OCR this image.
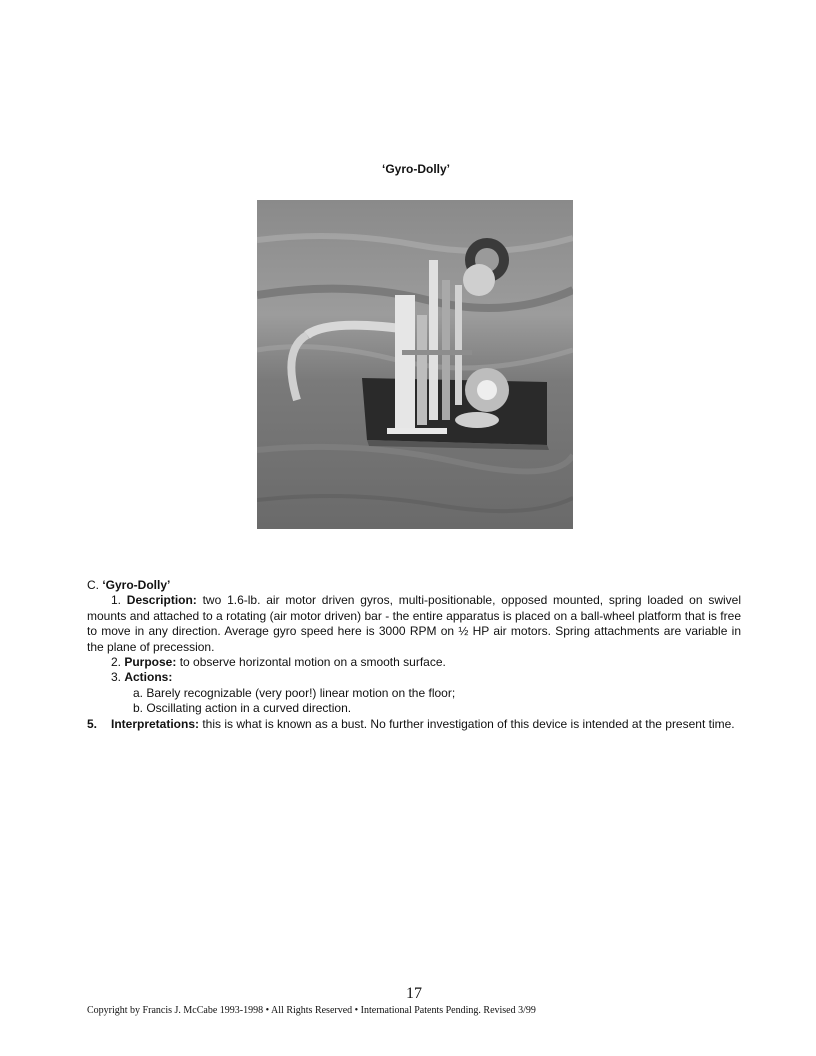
‘Gyro-Dolly’

C. ‘Gyro-Dolly’

1. Description: two 1.6-lb. air motor driven gyros, multi-positionable, opposed mounted, spring loaded on swivel mounts and attached to a rotating (air motor driven) bar - the entire apparatus is placed on a ball-wheel platform that is free to move in any direction. Average gyro speed here is 3000 RPM on ½ HP air motors. Spring attachments are variable in the plane of precession.

2. Purpose: to observe horizontal motion on a smooth surface.

3. Actions:

a. Barely recognizable (very poor!) linear motion on the floor;

b. Oscillating action in a curved direction.

5.	Interpretations: this is what is known as a bust. No further investigation of this device is intended at the present time.
17
Copyright by Francis J. McCabe 1993-1998 • All Rights Reserved • International Patents Pending. Revised 3/99
